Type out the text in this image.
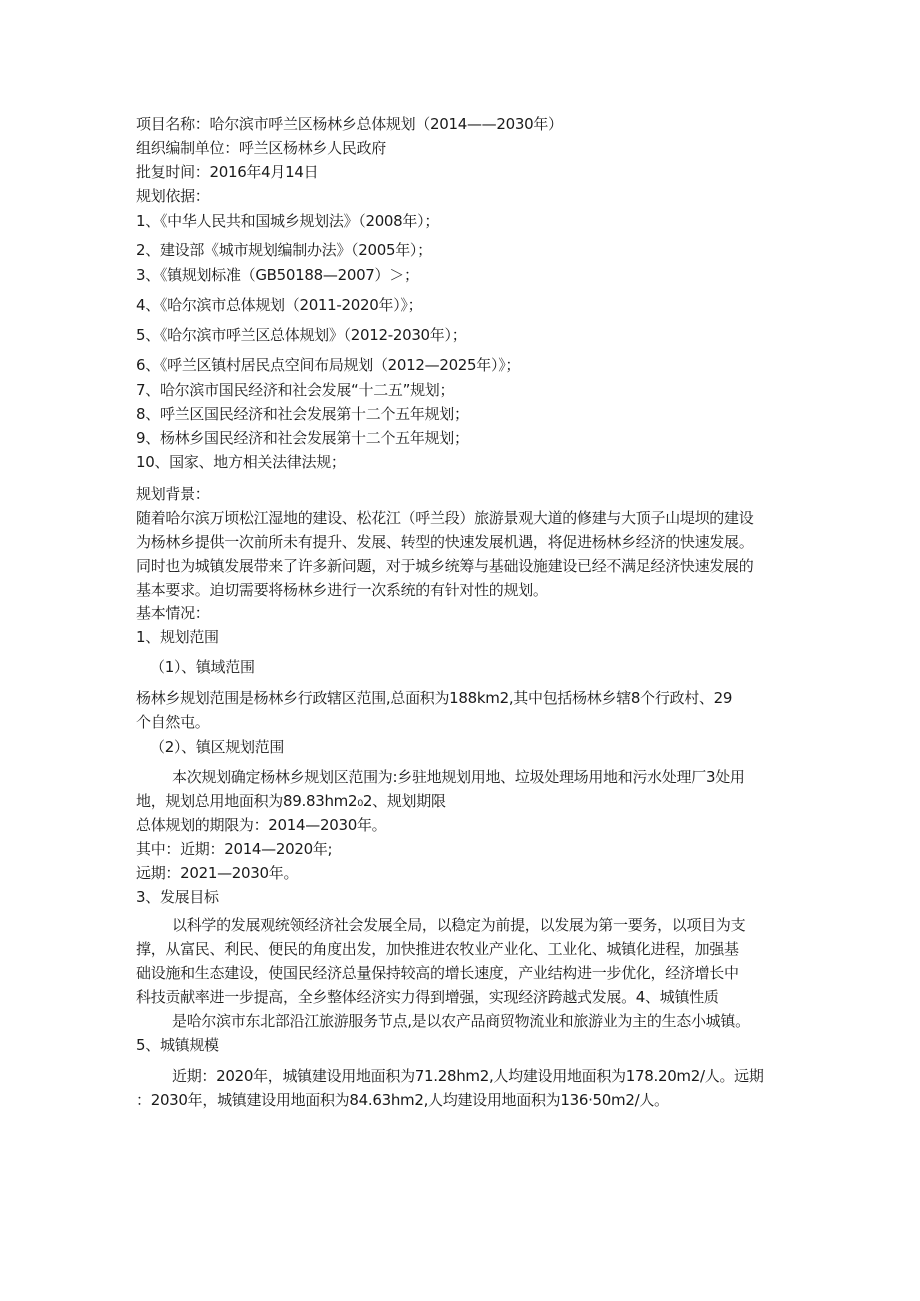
项目名称：哈尔滨市呼兰区杨林乡总体规划（2014——2030年）
组织编制单位：呼兰区杨林乡人民政府
批复时间：2016年4月14日
规划依据：
1、《中华人民共和国城乡规划法》（2008年）；
2、建设部《城市规划编制办法》（2005年）；
3、《镇规划标准（GB50188—2007）＞；
4、《哈尔滨市总体规划（2011-2020年）》；
5、《哈尔滨市呼兰区总体规划》（2012-2030年）；
6、《呼兰区镇村居民点空间布局规划（2012—2025年）》；
7、哈尔滨市国民经济和社会发展“十二五”规划；
8、呼兰区国民经济和社会发展第十二个五年规划；
9、杨林乡国民经济和社会发展第十二个五年规划；
10、国家、地方相关法律法规；
规划背景：
随着哈尔滨万顷松江湿地的建设、松花江（呼兰段）旅游景观大道的修建与大顶子山堤坝的建设
为杨林乡提供一次前所未有提升、发展、转型的快速发展机遇，将促进杨林乡经济的快速发展。
同时也为城镇发展带来了许多新问题，对于城乡统筹与基础设施建设已经不满足经济快速发展的
基本要求。迫切需要将杨林乡进行一次系统的有针对性的规划。
基本情况：
1、规划范围
（1）、镇域范围
杨林乡规划范围是杨林乡行政辖区范围,总面积为188km2,其中包括杨林乡辖8个行政村、29
个自然屯。
（2）、镇区规划范围
本次规划确定杨林乡规划区范围为:乡驻地规划用地、垃圾处理场用地和污水处理厂3处用
地，规划总用地面积为89.83hm2₀2、规划期限
总体规划的期限为：2014—2030年。
其中：近期：2014—2020年;
远期：2021—2030年。
3、发展目标
以科学的发展观统领经济社会发展全局，以稳定为前提，以发展为第一要务，以项目为支
撑，从富民、利民、便民的角度出发，加快推进农牧业产业化、工业化、城镇化进程，加强基
础设施和生态建设，使国民经济总量保持较高的增长速度，产业结构进一步优化，经济增长中
科技贡献率进一步提高，全乡整体经济实力得到增强，实现经济跨越式发展。4、城镇性质
是哈尔滨市东北部沿江旅游服务节点,是以农产品商贸物流业和旅游业为主的生态小城镇。
5、城镇规模
近期：2020年，城镇建设用地面积为71.28hm2,人均建设用地面积为178.20m2/人。远期
：2030年，城镇建设用地面积为84.63hm2,人均建设用地面积为136·50m2/人。
